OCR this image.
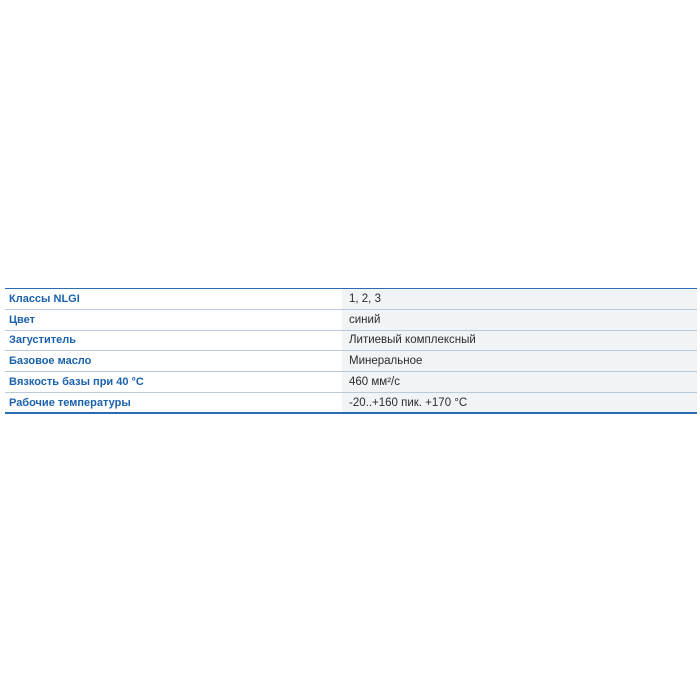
Классы NLGI	1, 2, 3
Цвет	синий
Загуститель	Литиевый комплексный
Базовое масло	Минеральное
Вязкость базы при 40 °C	460 мм²/с
Рабочие температуры	-20..+160 пик. +170 °C
